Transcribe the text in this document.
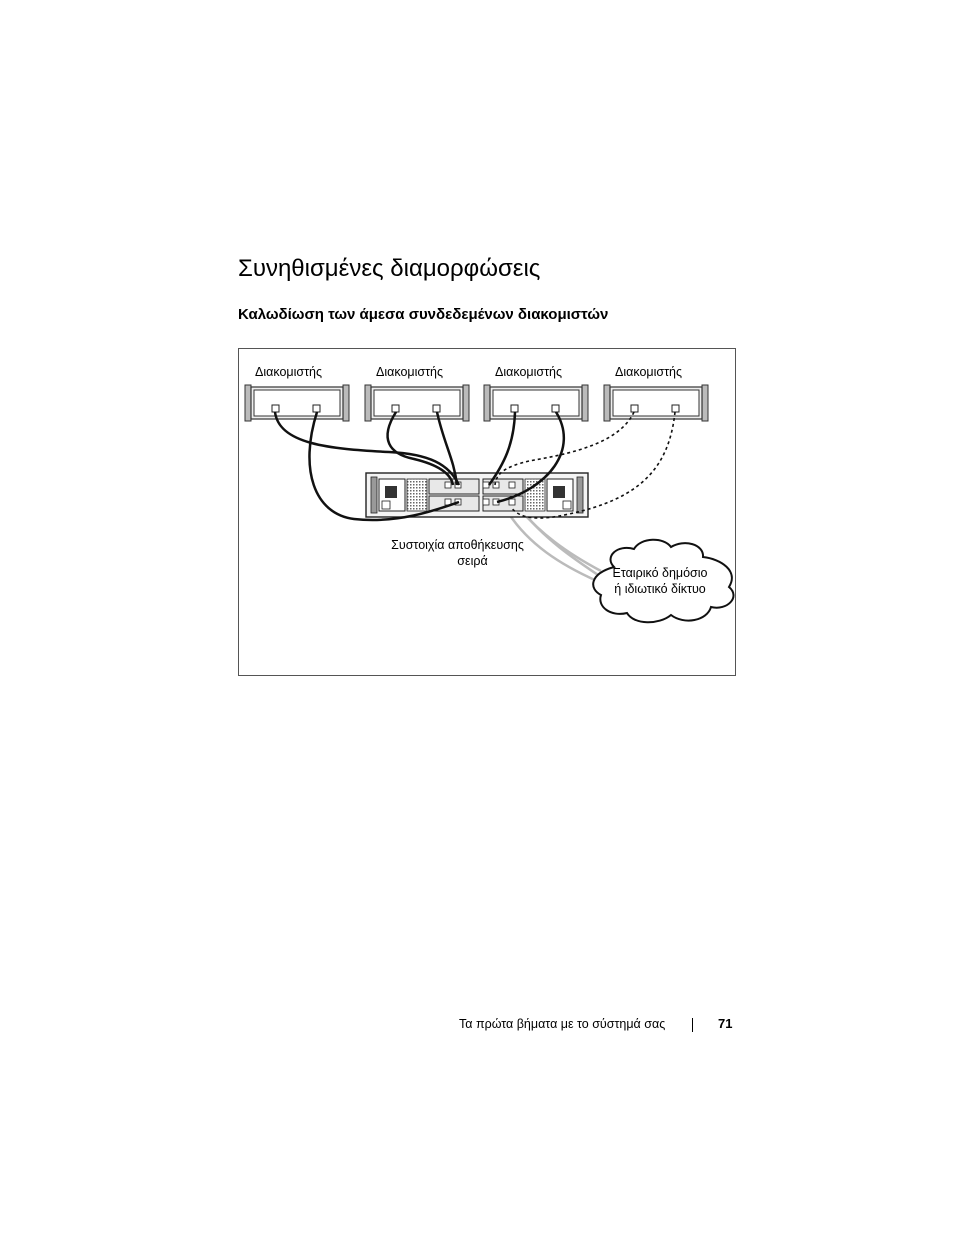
Συνηθισμένες διαμορφώσεις
Καλωδίωση των άμεσα συνδεδεμένων διακομιστών
Διακομιστής	Διακομιστής	Διακομιστής	Διακομιστής
Συστοιχία αποθήκευσης
σειρά
Εταιρικό δημόσιο
ή ιδιωτικό δίκτυο
Τα πρώτα βήματα με το σύστημά σας	71
